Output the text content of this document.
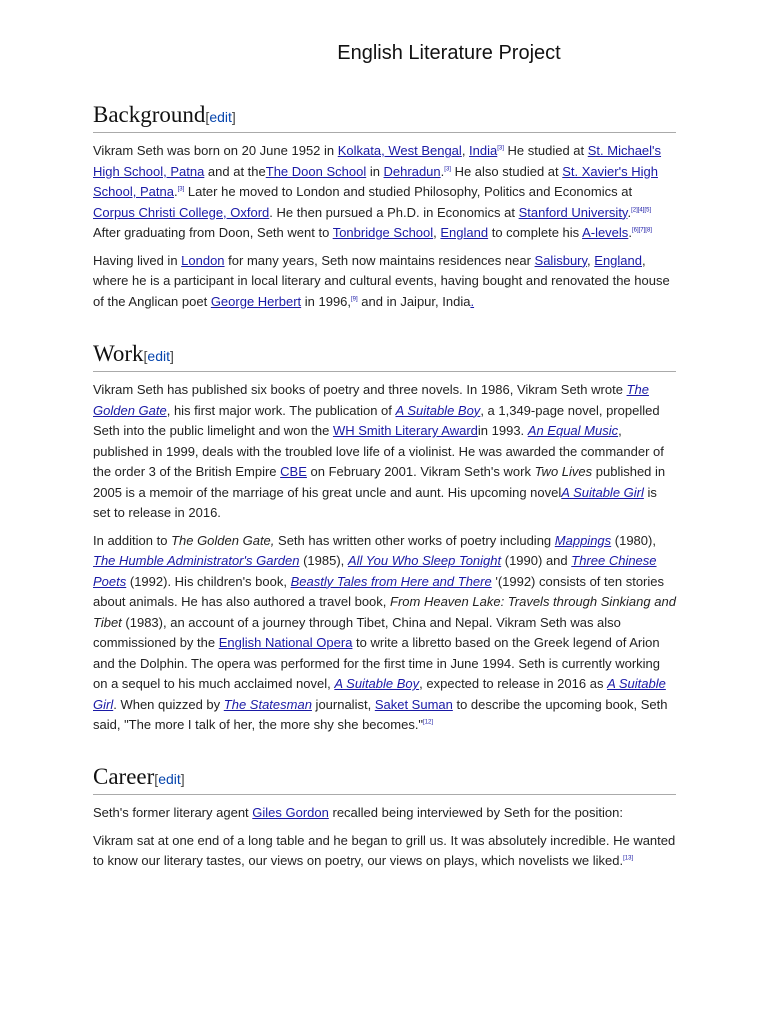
English Literature Project
Background[edit]

Vikram Seth was born on 20 June 1952 in Kolkata, West Bengal, India[3] He studied at St. Michael's High School, Patna and at theThe Doon School in Dehradun.[3] He also studied at St. Xavier's High School, Patna.[3] Later he moved to London and studied Philosophy, Politics and Economics at Corpus Christi College, Oxford. He then pursued a Ph.D. in Economics at Stanford University.[2][4][5] After graduating from Doon, Seth went to Tonbridge School, England to complete his A-levels.[6][7][8]

Having lived in London for many years, Seth now maintains residences near Salisbury, England, where he is a participant in local literary and cultural events, having bought and renovated the house of the Anglican poet George Herbert in 1996,[9] and in Jaipur, India.

Work[edit]

Vikram Seth has published six books of poetry and three novels. In 1986, Vikram Seth wrote The Golden Gate, his first major work. The publication of A Suitable Boy, a 1,349-page novel, propelled Seth into the public limelight and won the WH Smith Literary Awardin 1993. An Equal Music, published in 1999, deals with the troubled love life of a violinist. He was awarded the commander of the order 3 of the British Empire CBE on February 2001. Vikram Seth's work Two Lives published in 2005 is a memoir of the marriage of his great uncle and aunt. His upcoming novelA Suitable Girl is set to release in 2016.

In addition to The Golden Gate, Seth has written other works of poetry including Mappings (1980), The Humble Administrator's Garden (1985), All You Who Sleep Tonight (1990) and Three Chinese Poets (1992). His children's book, Beastly Tales from Here and There '(1992) consists of ten stories about animals. He has also authored a travel book, From Heaven Lake: Travels through Sinkiang and Tibet (1983), an account of a journey through Tibet, China and Nepal. Vikram Seth was also commissioned by the English National Opera to write a libretto based on the Greek legend of Arion and the Dolphin. The opera was performed for the first time in June 1994. Seth is currently working on a sequel to his much acclaimed novel, A Suitable Boy, expected to release in 2016 as A Suitable Girl. When quizzed by The Statesman journalist, Saket Suman to describe the upcoming book, Seth said, "The more I talk of her, the more shy she becomes."[12]

Career[edit]

Seth's former literary agent Giles Gordon recalled being interviewed by Seth for the position:

Vikram sat at one end of a long table and he began to grill us. It was absolutely incredible. He wanted to know our literary tastes, our views on poetry, our views on plays, which novelists we liked.[13]
